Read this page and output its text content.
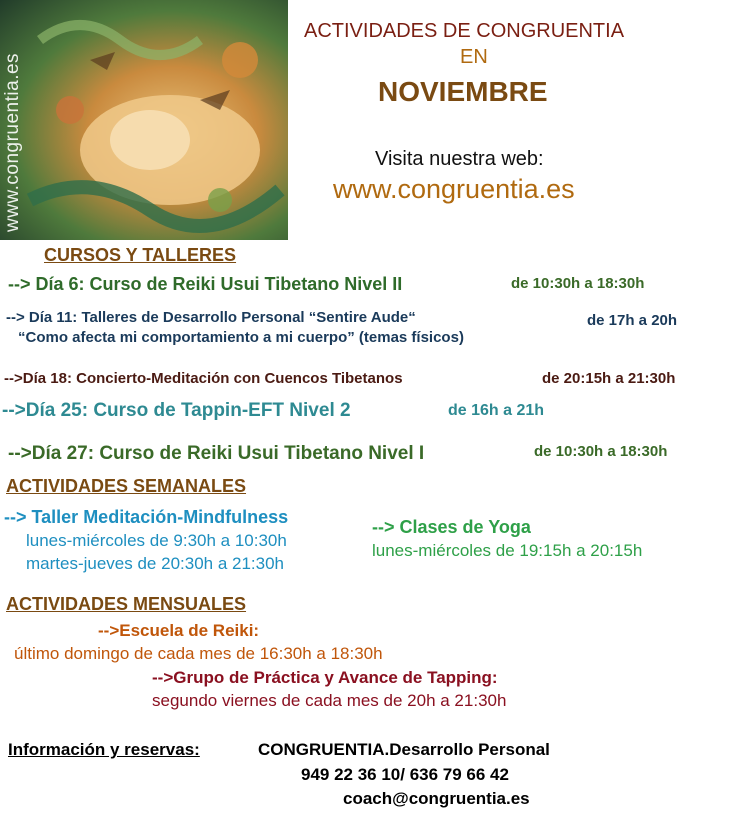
www.congruentia.es
ACTIVIDADES DE CONGRUENTIA
EN
NOVIEMBRE
Visita nuestra web:
www.congruentia.es
CURSOS Y TALLERES
--> Día 6: Curso de Reiki Usui Tibetano Nivel II	de 10:30h a 18:30h
--> Día 11: Talleres de Desarrollo Personal “Sentire Aude“
“Como afecta mi comportamiento a mi cuerpo” (temas físicos)
de 17h a 20h
-->Día 18: Concierto-Meditación con Cuencos Tibetanos	de 20:15h a 21:30h
-->Día 25: Curso de Tappin-EFT Nivel 2	de 16h a 21h
-->Día 27: Curso de Reiki Usui Tibetano Nivel I	de 10:30h a 18:30h
ACTIVIDADES SEMANALES
--> Taller Meditación-Mindfulness
lunes-miércoles de 9:30h a 10:30h
martes-jueves de 20:30h a 21:30h
--> Clases de Yoga
lunes-miércoles de 19:15h a 20:15h
ACTIVIDADES MENSUALES
-->Escuela de Reiki:
último domingo de cada mes de 16:30h a 18:30h
-->Grupo de Práctica y Avance de Tapping:
segundo viernes de cada mes de 20h a 21:30h
Información y reservas:	CONGRUENTIA.Desarrollo Personal
949 22 36 10/ 636 79 66 42
coach@congruentia.es
